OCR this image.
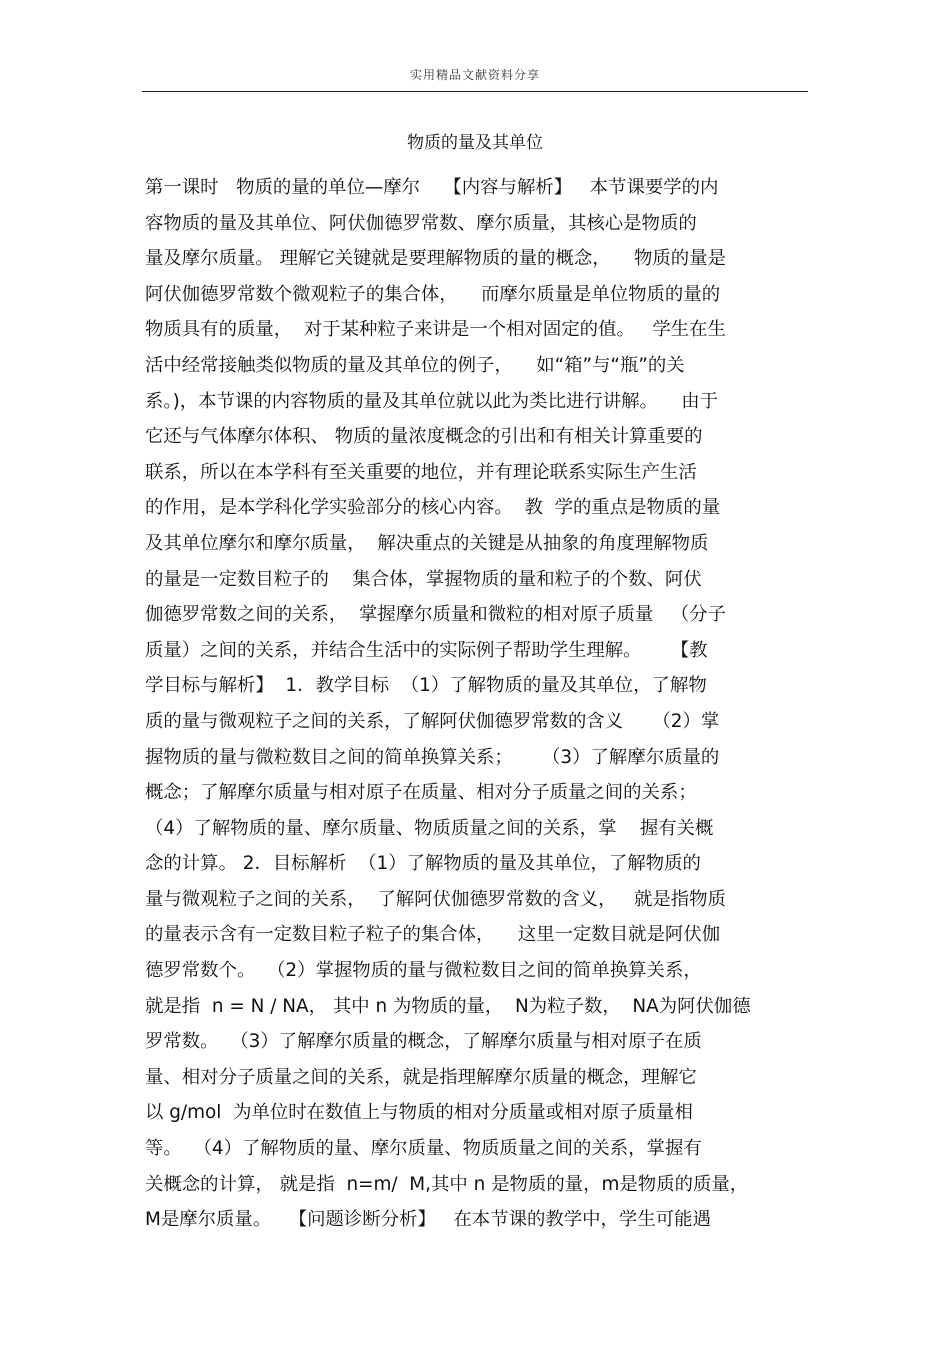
实用精品文献资料分享
物质的量及其单位
第一课时   物质的量的单位—摩尔    【内容与解析】   本节课要学的内
容物质的量及其单位、阿伏伽德罗常数、摩尔质量，其核心是物质的
量及摩尔质量。 理解它关键就是要理解物质的量的概念，    物质的量是
阿伏伽德罗常数个微观粒子的集合体，    而摩尔质量是单位物质的量的
物质具有的质量，  对于某种粒子来讲是一个相对固定的值。   学生在生
活中经常接触类似物质的量及其单位的例子，    如“箱”与“瓶”的关
系。)，本节课的内容物质的量及其单位就以此为类比进行讲解。    由于
它还与气体摩尔体积、 物质的量浓度概念的引出和有相关计算重要的
联系，所以在本学科有至关重要的地位，并有理论联系实际生产生活
的作用，是本学科化学实验部分的核心内容。  教  学的重点是物质的量
及其单位摩尔和摩尔质量，  解决重点的关键是从抽象的角度理解物质
的量是一定数目粒子的    集合体，掌握物质的量和粒子的个数、阿伏
伽德罗常数之间的关系，  掌握摩尔质量和微粒的相对原子质量   （分子
质量）之间的关系，并结合生活中的实际例子帮助学生理解。     【教
学目标与解析】  1．教学目标  （1）了解物质的量及其单位，了解物
质的量与微观粒子之间的关系，了解阿伏伽德罗常数的含义     （2）掌
握物质的量与微粒数目之间的简单换算关系；     （3）了解摩尔质量的
概念；了解摩尔质量与相对原子在质量、相对分子质量之间的关系；
（4）了解物质的量、摩尔质量、物质质量之间的关系，掌    握有关概
念的计算。 2．目标解析  （1）了解物质的量及其单位，了解物质的
量与微观粒子之间的关系，  了解阿伏伽德罗常数的含义，   就是指物质
的量表示含有一定数目粒子粒子的集合体，    这里一定数目就是阿伏伽
德罗常数个。  （2）掌握物质的量与微粒数目之间的简单换算关系，
就是指  n = N / NA， 其中 n 为物质的量，  N为粒子数，  NA为阿伏伽德
罗常数。  （3）了解摩尔质量的概念，了解摩尔质量与相对原子在质
量、相对分子质量之间的关系，就是指理解摩尔质量的概念，理解它
以 g/mol  为单位时在数值上与物质的相对分质量或相对原子质量相
等。  （4）了解物质的量、摩尔质量、物质质量之间的关系，掌握有
关概念的计算， 就是指  n=m/  M,其中 n 是物质的量，m是物质的质量，
M是摩尔质量。   【问题诊断分析】   在本节课的教学中，学生可能遇
